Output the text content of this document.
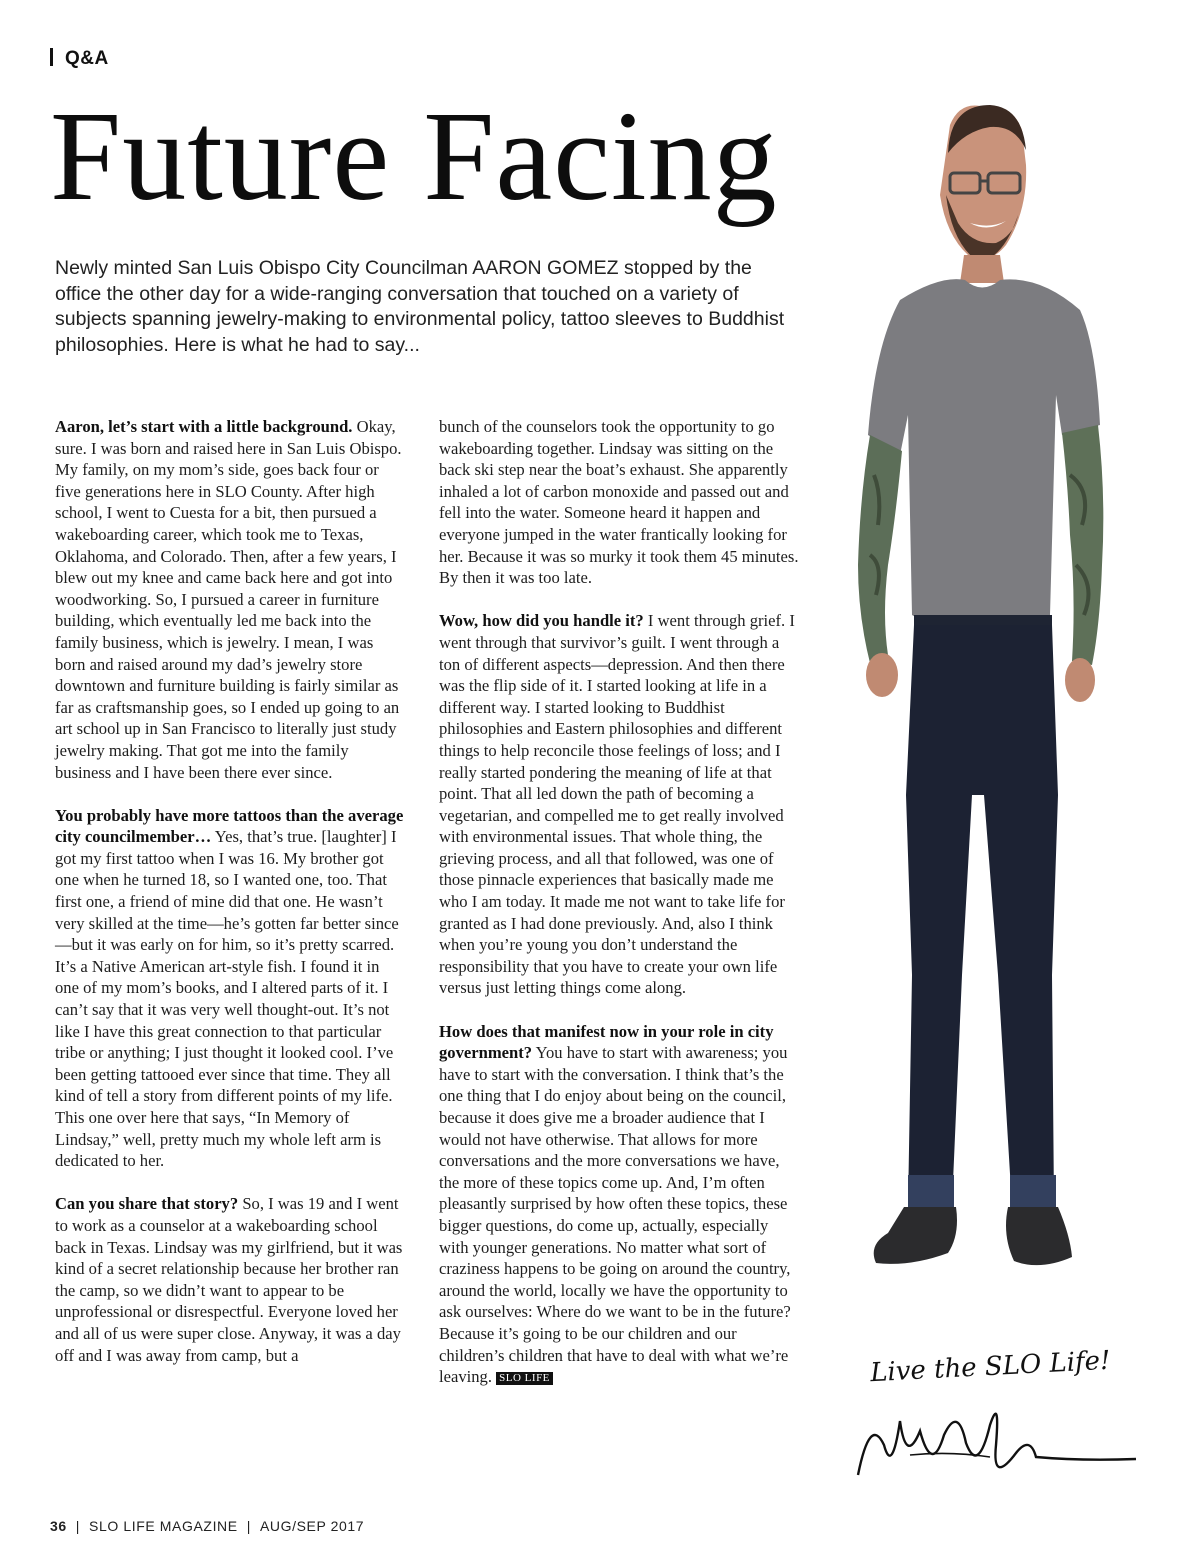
Q&A
Future Facing

Newly minted San Luis Obispo City Councilman AARON GOMEZ stopped by the office the other day for a wide-ranging conversation that touched on a variety of subjects spanning jewelry-making to environmental policy, tattoo sleeves to Buddhist philosophies. Here is what he had to say...

Aaron, let’s start with a little background. Okay, sure. I was born and raised here in San Luis Obispo. My family, on my mom’s side, goes back four or five generations here in SLO County. After high school, I went to Cuesta for a bit, then pursued a wakeboarding career, which took me to Texas, Oklahoma, and Colorado. Then, after a few years, I blew out my knee and came back here and got into woodworking. So, I pursued a career in furniture building, which eventually led me back into the family business, which is jewelry. I mean, I was born and raised around my dad’s jewelry store downtown and furniture building is fairly similar as far as craftsmanship goes, so I ended up going to an art school up in San Francisco to literally just study jewelry making. That got me into the family business and I have been there ever since.

You probably have more tattoos than the average city councilmember… Yes, that’s true. [laughter] I got my first tattoo when I was 16. My brother got one when he turned 18, so I wanted one, too. That first one, a friend of mine did that one. He wasn’t very skilled at the time—he’s gotten far better since—but it was early on for him, so it’s pretty scarred. It’s a Native American art-style fish. I found it in one of my mom’s books, and I altered parts of it. I can’t say that it was very well thought-out. It’s not like I have this great connection to that particular tribe or anything; I just thought it looked cool. I’ve been getting tattooed ever since that time. They all kind of tell a story from different points of my life. This one over here that says, “In Memory of Lindsay,” well, pretty much my whole left arm is dedicated to her.

Can you share that story? So, I was 19 and I went to work as a counselor at a wakeboarding school back in Texas. Lindsay was my girlfriend, but it was kind of a secret relationship because her brother ran the camp, so we didn’t want to appear to be unprofessional or disrespectful. Everyone loved her and all of us were super close. Anyway, it was a day off and I was away from camp, but a

bunch of the counselors took the opportunity to go wakeboarding together. Lindsay was sitting on the back ski step near the boat’s exhaust. She apparently inhaled a lot of carbon monoxide and passed out and fell into the water. Someone heard it happen and everyone jumped in the water frantically looking for her. Because it was so murky it took them 45 minutes. By then it was too late.

Wow, how did you handle it? I went through grief. I went through that survivor’s guilt. I went through a ton of different aspects—depression. And then there was the flip side of it. I started looking at life in a different way. I started looking to Buddhist philosophies and Eastern philosophies and different things to help reconcile those feelings of loss; and I really started pondering the meaning of life at that point. That all led down the path of becoming a vegetarian, and compelled me to get really involved with environmental issues. That whole thing, the grieving process, and all that followed, was one of those pinnacle experiences that basically made me who I am today. It made me not want to take life for granted as I had done previously. And, also I think when you’re young you don’t understand the responsibility that you have to create your own life versus just letting things come along.

How does that manifest now in your role in city government? You have to start with awareness; you have to start with the conversation. I think that’s the one thing that I do enjoy about being on the council, because it does give me a broader audience that I would not have otherwise. That allows for more conversations and the more conversations we have, the more of these topics come up. And, I’m often pleasantly surprised by how often these topics, these bigger questions, do come up, actually, especially with younger generations. No matter what sort of craziness happens to be going on around the country, around the world, locally we have the opportunity to ask ourselves: Where do we want to be in the future? Because it’s going to be our children and our children’s children that have to deal with what we’re leaving. SLO LIFE	Live the SLO Life!
36 | SLO LIFE MAGAZINE | AUG/SEP 2017
